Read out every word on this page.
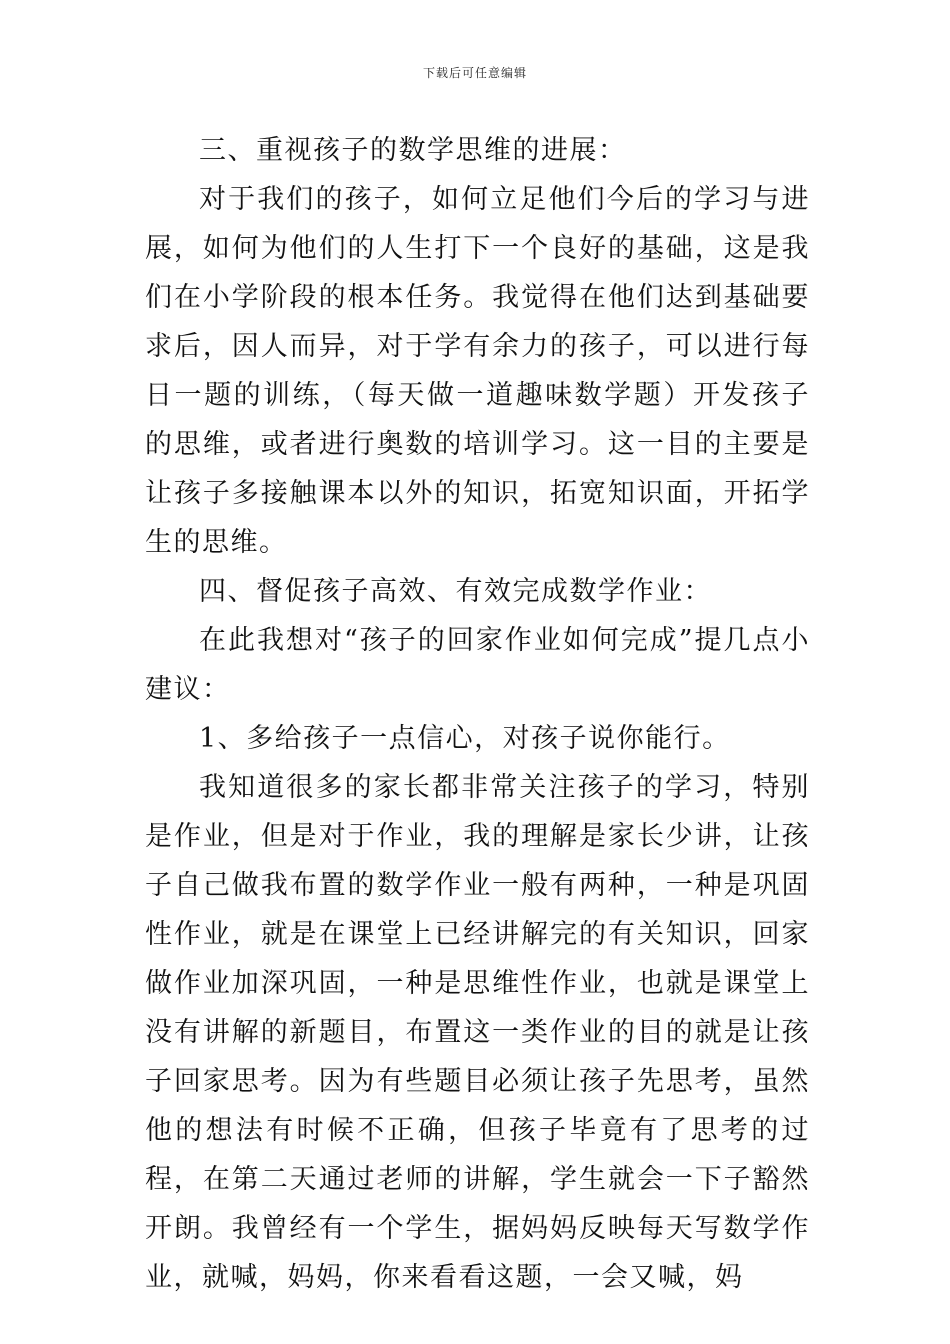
下载后可任意编辑

三、重视孩子的数学思维的进展：

对于我们的孩子，如何立足他们今后的学习与进展，如何为他们的人生打下一个良好的基础，这是我们在小学阶段的根本任务。我觉得在他们达到基础要求后，因人而异，对于学有余力的孩子，可以进行每日一题的训练，（每天做一道趣味数学题）开发孩子的思维，或者进行奥数的培训学习。这一目的主要是让孩子多接触课本以外的知识，拓宽知识面，开拓学生的思维。

四、督促孩子高效、有效完成数学作业：

在此我想对“孩子的回家作业如何完成”提几点小建议：

1、多给孩子一点信心，对孩子说你能行。

我知道很多的家长都非常关注孩子的学习，特别是作业，但是对于作业，我的理解是家长少讲，让孩子自己做我布置的数学作业一般有两种，一种是巩固性作业，就是在课堂上已经讲解完的有关知识，回家做作业加深巩固，一种是思维性作业，也就是课堂上没有讲解的新题目，布置这一类作业的目的就是让孩子回家思考。因为有些题目必须让孩子先思考，虽然他的想法有时候不正确，但孩子毕竟有了思考的过程，在第二天通过老师的讲解，学生就会一下子豁然开朗。我曾经有一个学生，据妈妈反映每天写数学作业，就喊，妈妈，你来看看这题，一会又喊，妈
